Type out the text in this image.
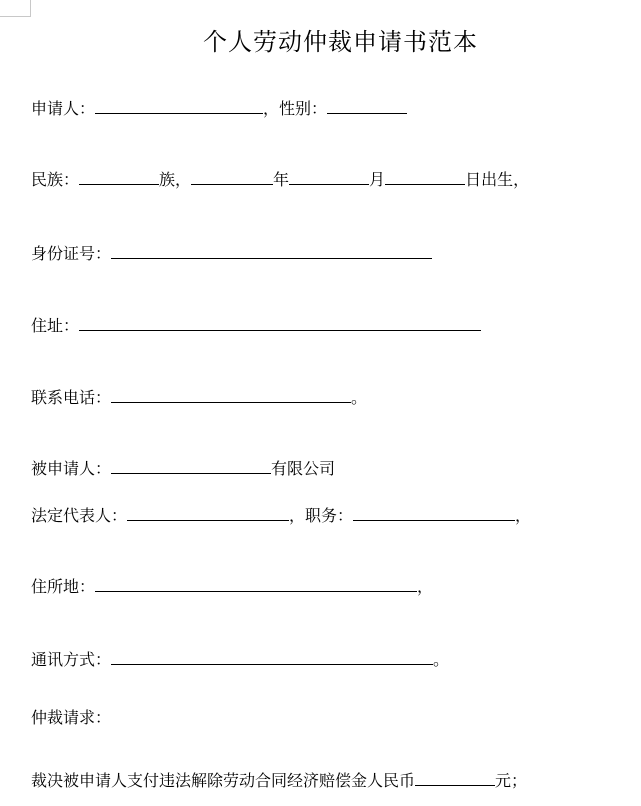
个人劳动仲裁申请书范本
申请人：	，性别：
民族：	族，	年	月	日出生，
身份证号：
住址：
联系电话：	。
被申请人：	有限公司
法定代表人：	，职务：	，
住所地：	，
通讯方式：	。
仲裁请求：
裁决被申请人支付违法解除劳动合同经济赔偿金人民币	元；
